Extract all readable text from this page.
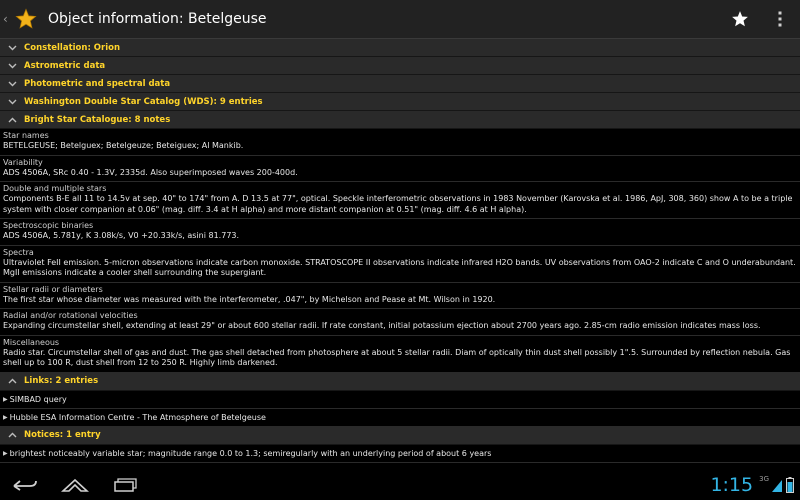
‹	Object information: Betelgeuse
Constellation: Orion
Astrometric data
Photometric and spectral data
Washington Double Star Catalog (WDS): 9 entries
Bright Star Catalogue: 8 notes
Star names
BETELGEUSE; Betelguex; Betelgeuze; Beteiguex; Al Mankib.
Variability
ADS 4506A, SRc 0.40 - 1.3V, 2335d. Also superimposed waves 200-400d.
Double and multiple stars
Components B-E all 11 to 14.5v at sep. 40" to 174" from A. D 13.5 at 77", optical. Speckle interferometric observations in 1983 November (Karovska et al. 1986, ApJ, 308, 360) show A to be a triple system with closer companion at 0.06" (mag. diff. 3.4 at H alpha) and more distant companion at 0.51" (mag. diff. 4.6 at H alpha).
Spectroscopic binaries
ADS 4506A, 5.781y, K 3.08k/s, V0 +20.33k/s, asini 81.773.
Spectra
Ultraviolet FeII emission. 5-micron observations indicate carbon monoxide. STRATOSCOPE II observations indicate infrared H2O bands. UV observations from OAO-2 indicate C and O underabundant. MgII emissions indicate a cooler shell surrounding the supergiant.
Stellar radii or diameters
The first star whose diameter was measured with the interferometer, .047", by Michelson and Pease at Mt. Wilson in 1920.
Radial and/or rotational velocities
Expanding circumstellar shell, extending at least 29" or about 600 stellar radii. If rate constant, initial potassium ejection about 2700 years ago. 2.85-cm radio emission indicates mass loss.
Miscellaneous
Radio star. Circumstellar shell of gas and dust. The gas shell detached from photosphere at about 5 stellar radii. Diam of optically thin dust shell possibly 1".5. Surrounded by reflection nebula. Gas shell up to 100 R, dust shell from 12 to 250 R. Highly limb darkened.
Links: 2 entries
▶ SIMBAD query
▶ Hubble ESA Information Centre - The Atmosphere of Betelgeuse
Notices: 1 entry
▶ brightest noticeably variable star; magnitude range 0.0 to 1.3; semiregularly with an underlying period of about 6 years
1:15 3G
